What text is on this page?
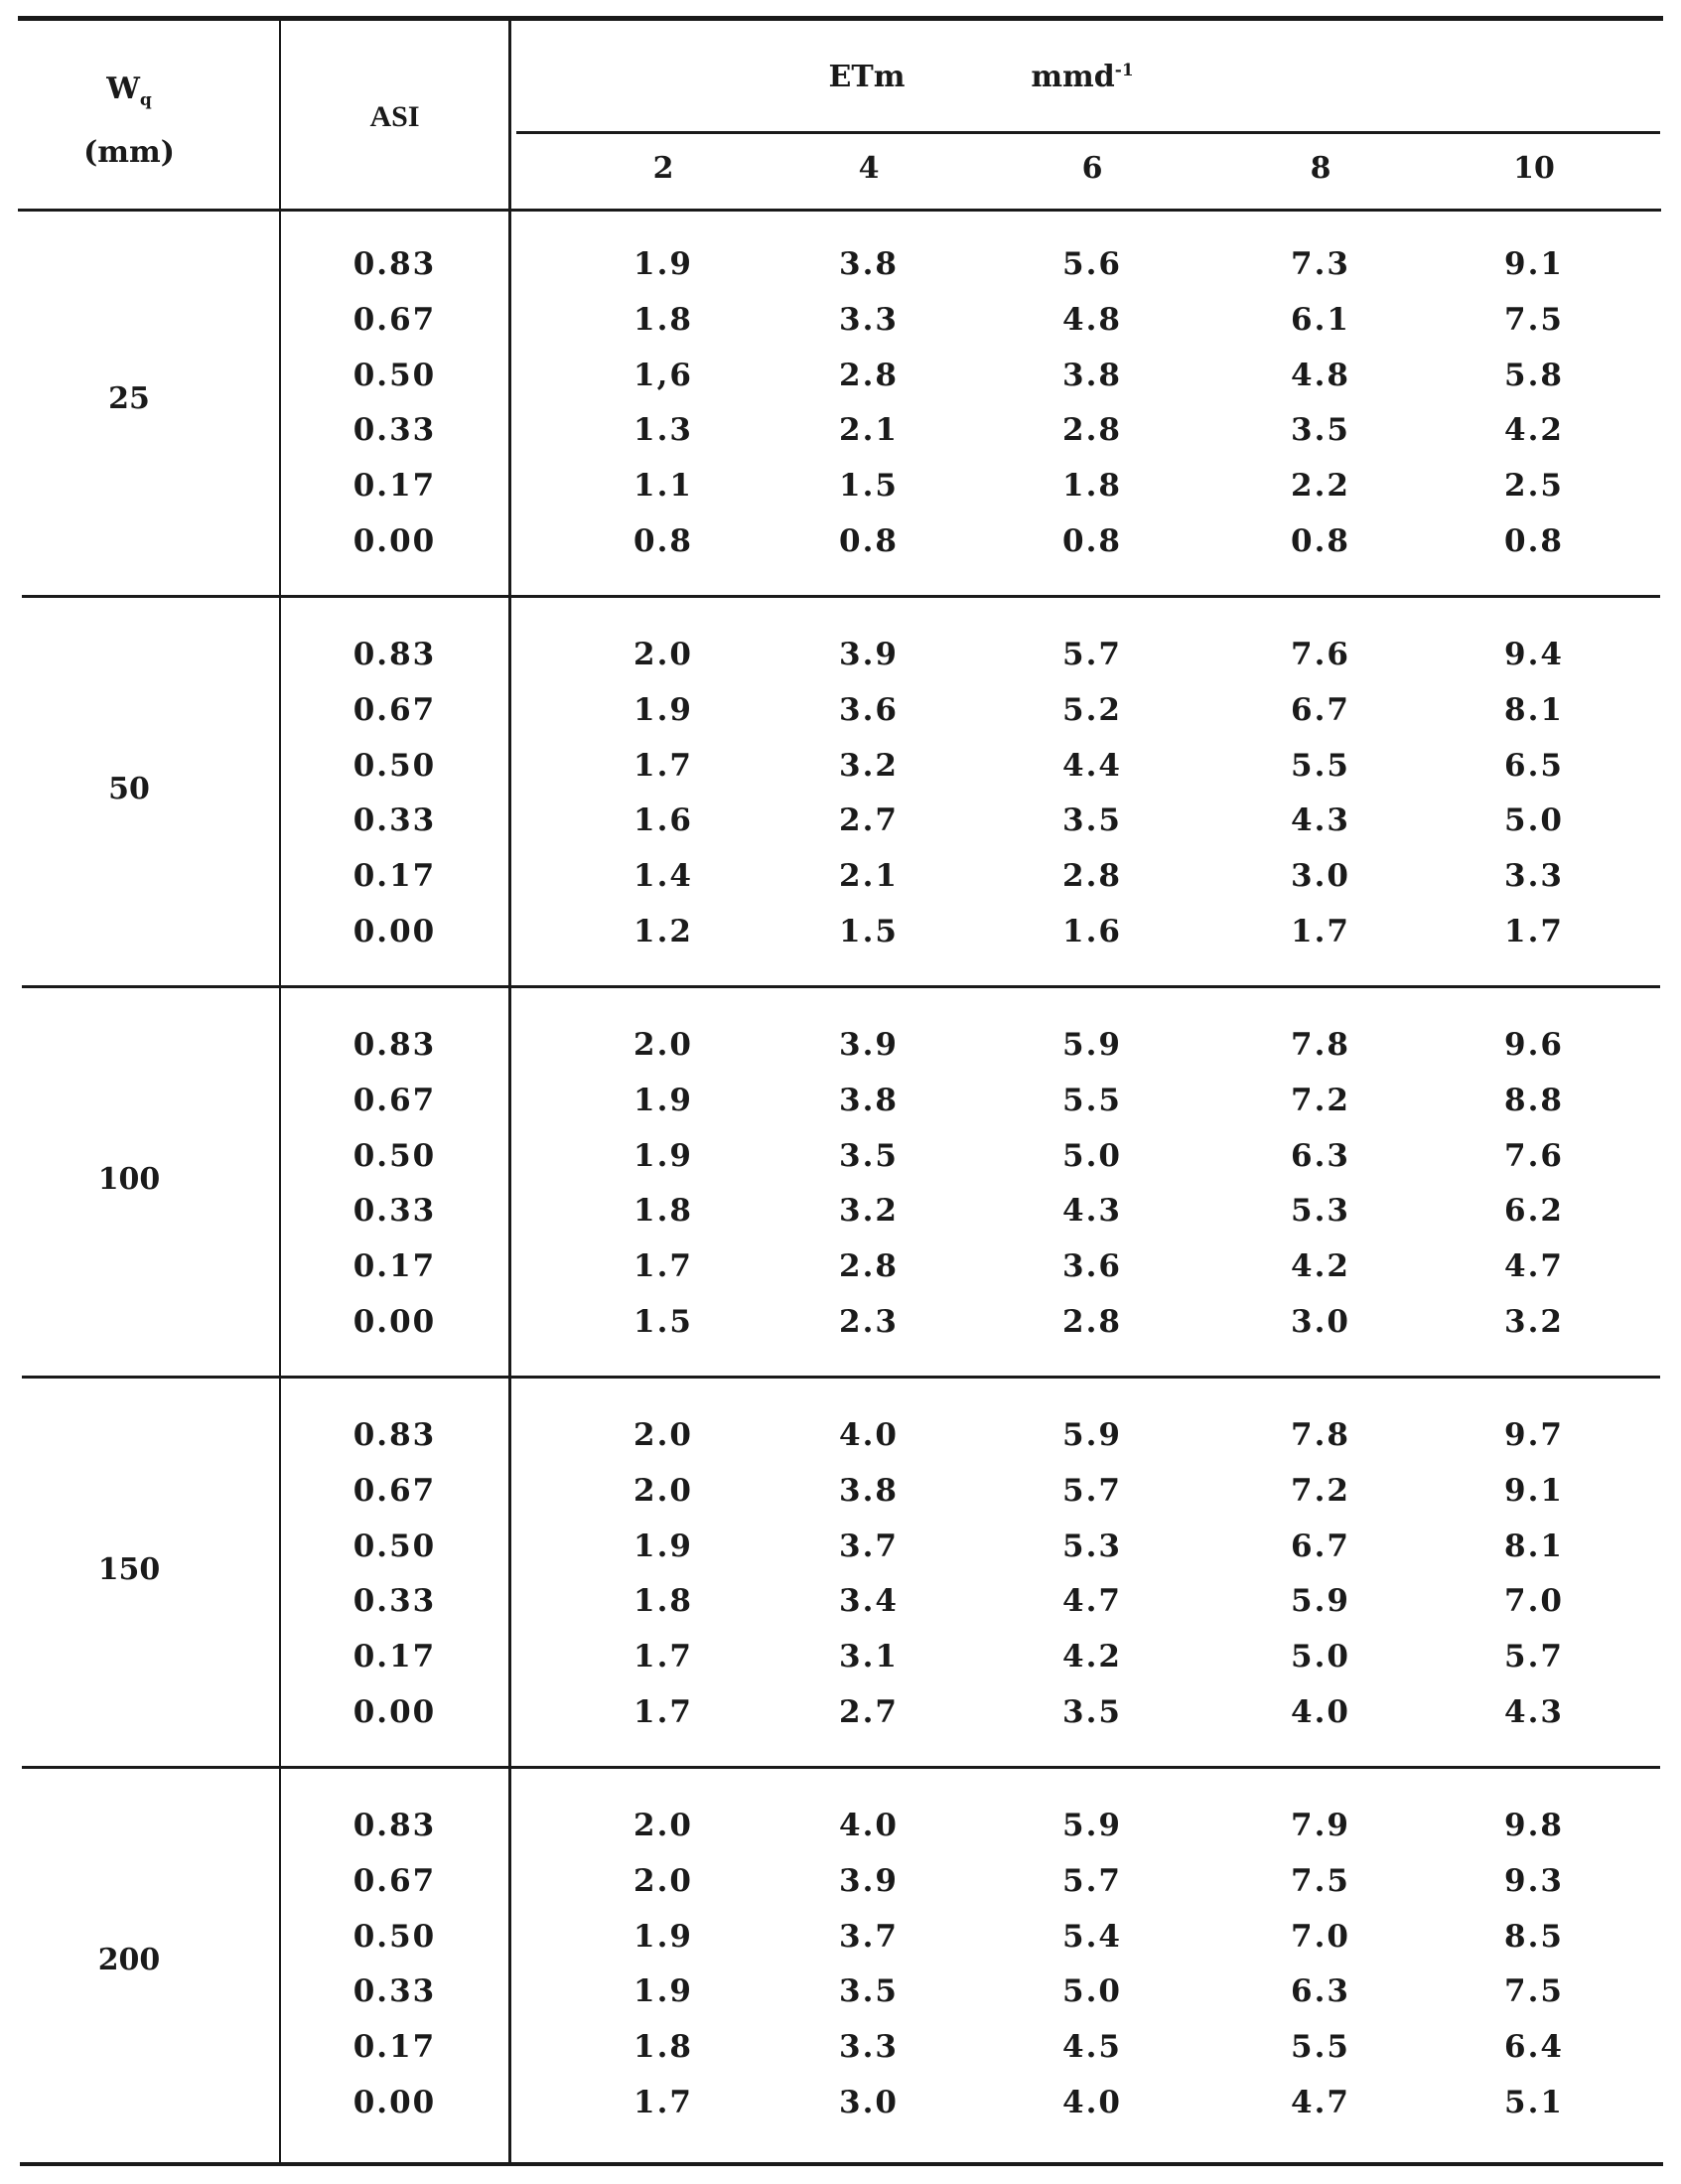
$W_q$
(mm)
ASI
ETm	mmd$^{-1}$
2	4	6	8	10
25
0.83	1.9	3.8	5.6	7.3	9.1
0.67	1.8	3.3	4.8	6.1	7.5
0.50	1,6	2.8	3.8	4.8	5.8
0.33	1.3	2.1	2.8	3.5	4.2
0.17	1.1	1.5	1.8	2.2	2.5
0.00	0.8	0.8	0.8	0.8	0.8
50
0.83	2.0	3.9	5.7	7.6	9.4
0.67	1.9	3.6	5.2	6.7	8.1
0.50	1.7	3.2	4.4	5.5	6.5
0.33	1.6	2.7	3.5	4.3	5.0
0.17	1.4	2.1	2.8	3.0	3.3
0.00	1.2	1.5	1.6	1.7	1.7
100
0.83	2.0	3.9	5.9	7.8	9.6
0.67	1.9	3.8	5.5	7.2	8.8
0.50	1.9	3.5	5.0	6.3	7.6
0.33	1.8	3.2	4.3	5.3	6.2
0.17	1.7	2.8	3.6	4.2	4.7
0.00	1.5	2.3	2.8	3.0	3.2
150
0.83	2.0	4.0	5.9	7.8	9.7
0.67	2.0	3.8	5.7	7.2	9.1
0.50	1.9	3.7	5.3	6.7	8.1
0.33	1.8	3.4	4.7	5.9	7.0
0.17	1.7	3.1	4.2	5.0	5.7
0.00	1.7	2.7	3.5	4.0	4.3
200
0.83	2.0	4.0	5.9	7.9	9.8
0.67	2.0	3.9	5.7	7.5	9.3
0.50	1.9	3.7	5.4	7.0	8.5
0.33	1.9	3.5	5.0	6.3	7.5
0.17	1.8	3.3	4.5	5.5	6.4
0.00	1.7	3.0	4.0	4.7	5.1
